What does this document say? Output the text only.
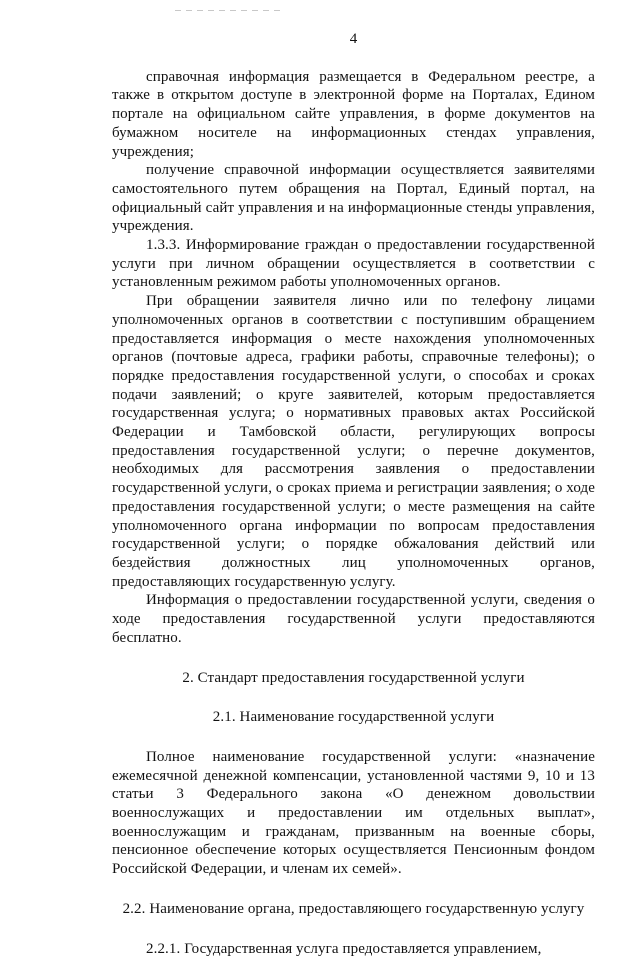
4

справочная информация размещается в Федеральном реестре, а также в открытом доступе в электронной форме на Порталах, Едином портале на официальном сайте управления, в форме документов на бумажном носителе на информационных стендах управления, учреждения;

получение справочной информации осуществляется заявителями самостоятельного путем обращения на Портал, Единый портал, на официальный сайт управления и на информационные стенды управления, учреждения.

1.3.3. Информирование граждан о предоставлении государственной услуги при личном обращении осуществляется в соответствии с установленным режимом работы уполномоченных органов.

При обращении заявителя лично или по телефону лицами уполномоченных органов в соответствии с поступившим обращением предоставляется информация о месте нахождения уполномоченных органов (почтовые адреса, графики работы, справочные телефоны); о порядке предоставления государственной услуги, о способах и сроках подачи заявлений; о круге заявителей, которым предоставляется государственная услуга; о нормативных правовых актах Российской Федерации и Тамбовской области, регулирующих вопросы предоставления государственной услуги; о перечне документов, необходимых для рассмотрения заявления о предоставлении государственной услуги, о сроках приема и регистрации заявления; о ходе предоставления государственной услуги; о месте размещения на сайте уполномоченного органа информации по вопросам предоставления государственной услуги; о порядке обжалования действий или бездействия должностных лиц уполномоченных органов, предоставляющих государственную услугу.

Информация о предоставлении государственной услуги, сведения о ходе предоставления государственной услуги предоставляются бесплатно.

2. Стандарт предоставления государственной услуги

2.1. Наименование государственной услуги

Полное наименование государственной услуги: «назначение ежемесячной денежной компенсации, установленной частями 9, 10 и 13 статьи 3 Федерального закона «О денежном довольствии военнослужащих и предоставлении им отдельных выплат», военнослужащим и гражданам, призванным на военные сборы, пенсионное обеспечение которых осуществляется Пенсионным фондом Российской Федерации, и членам их семей».

2.2. Наименование органа, предоставляющего государственную услугу

2.2.1. Государственная услуга предоставляется управлением,
